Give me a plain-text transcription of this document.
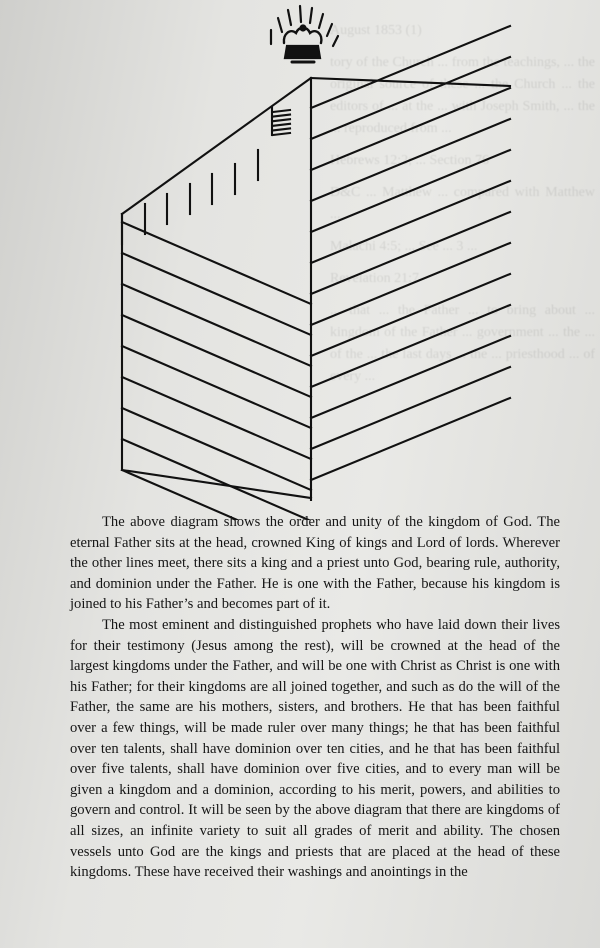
August 1853 (1)

tory of the Church ... from the teachings, ... the original source of these ... the Church ... the editors of ... at the ... with Joseph Smith, ... the ... reproduced from ...

Hebrews 12:2; ... Section 76

D&C ... Matthew ... compared with Matthew ...

Malachi 4:5; ... See ... 3 ...

Revelation 21:7

... that ... the Father ... to bring about ... kingdom of the Father ... government ... the ... of the ... the last days ... the ... priesthood ... of every ...

The above diagram shows the order and unity of the kingdom of God. The eternal Father sits at the head, crowned King of kings and Lord of lords. Wherever the other lines meet, there sits a king and a priest unto God, bearing rule, authority, and dominion under the Father. He is one with the Father, because his kingdom is joined to his Father’s and becomes part of it.

The most eminent and distinguished prophets who have laid down their lives for their testimony (Jesus among the rest), will be crowned at the head of the largest kingdoms under the Father, and will be one with Christ as Christ is one with his Father; for their kingdoms are all joined together, and such as do the will of the Father, the same are his mothers, sisters, and brothers. He that has been faithful over a few things, will be made ruler over many things; he that has been faithful over ten talents, shall have dominion over ten cities, and he that has been faithful over five talents, shall have dominion over five cities, and to every man will be given a kingdom and a dominion, according to his merit, powers, and abilities to govern and control. It will be seen by the above diagram that there are kingdoms of all sizes, an infinite variety to suit all grades of merit and ability. The chosen vessels unto God are the kings and priests that are placed at the head of these kingdoms. These have received their washings and anointings in the
